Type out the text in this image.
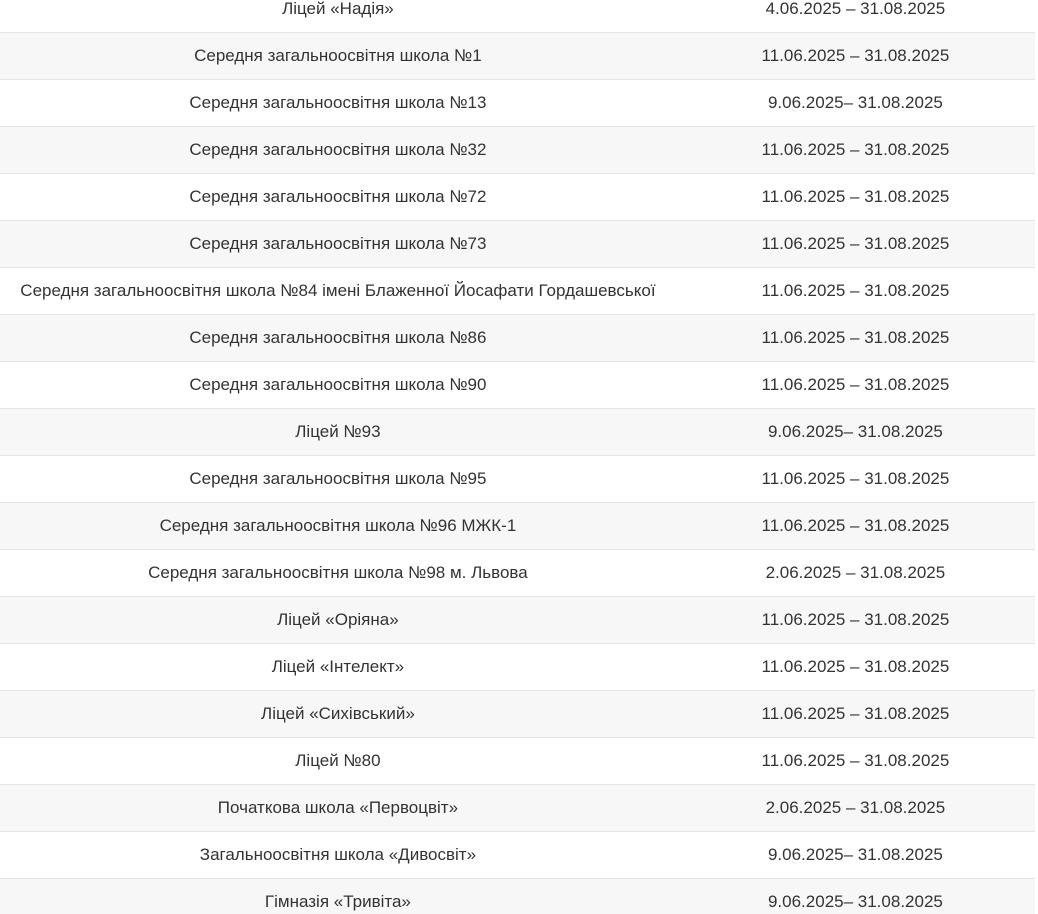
Ліцей «Надія»	4.06.2025 – 31.08.2025
Середня загальноосвітня школа №1	11.06.2025 – 31.08.2025
Середня загальноосвітня школа №13	9.06.2025– 31.08.2025
Середня загальноосвітня школа №32	11.06.2025 – 31.08.2025
Середня загальноосвітня школа №72	11.06.2025 – 31.08.2025
Середня загальноосвітня школа №73	11.06.2025 – 31.08.2025
Середня загальноосвітня школа №84 імені Блаженної Йосафати Гордашевської	11.06.2025 – 31.08.2025
Середня загальноосвітня школа №86	11.06.2025 – 31.08.2025
Середня загальноосвітня школа №90	11.06.2025 – 31.08.2025
Ліцей №93	9.06.2025– 31.08.2025
Середня загальноосвітня школа №95	11.06.2025 – 31.08.2025
Середня загальноосвітня школа №96 МЖК-1	11.06.2025 – 31.08.2025
Середня загальноосвітня школа №98 м. Львова	2.06.2025 – 31.08.2025
Ліцей «Оріяна»	11.06.2025 – 31.08.2025
Ліцей «Інтелект»	11.06.2025 – 31.08.2025
Ліцей «Сихівський»	11.06.2025 – 31.08.2025
Ліцей №80	11.06.2025 – 31.08.2025
Початкова школа «Первоцвіт»	2.06.2025 – 31.08.2025
Загальноосвітня школа «Дивосвіт»	9.06.2025– 31.08.2025
Гімназія «Тривіта»	9.06.2025– 31.08.2025
